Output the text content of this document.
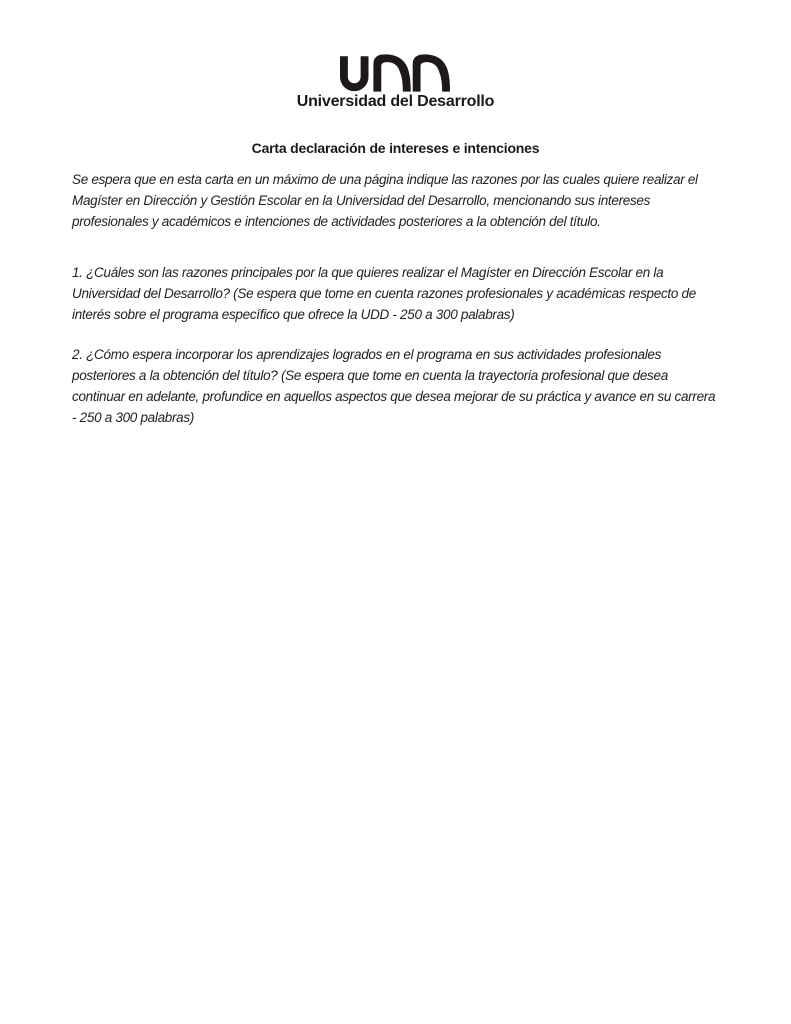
Universidad del Desarrollo
Carta declaración de intereses e intenciones

Se espera que en esta carta en un máximo de una página indique las razones por las cuales quiere realizar el Magíster en Dirección y Gestión Escolar en la Universidad del Desarrollo, mencionando sus intereses profesionales y académicos e intenciones de actividades posteriores a la obtención del título.

1. ¿Cuáles son las razones principales por la que quieres realizar el Magíster en Dirección Escolar en la Universidad del Desarrollo? (Se espera que tome en cuenta razones profesionales y académicas respecto de interés sobre el programa específico que ofrece la UDD - 250 a 300 palabras)

2. ¿Cómo espera incorporar los aprendizajes logrados en el programa en sus actividades profesionales posteriores a la obtención del título? (Se espera que tome en cuenta la trayectoria profesional que desea continuar en adelante, profundice en aquellos aspectos que desea mejorar de su práctica y avance en su carrera - 250 a 300 palabras)
